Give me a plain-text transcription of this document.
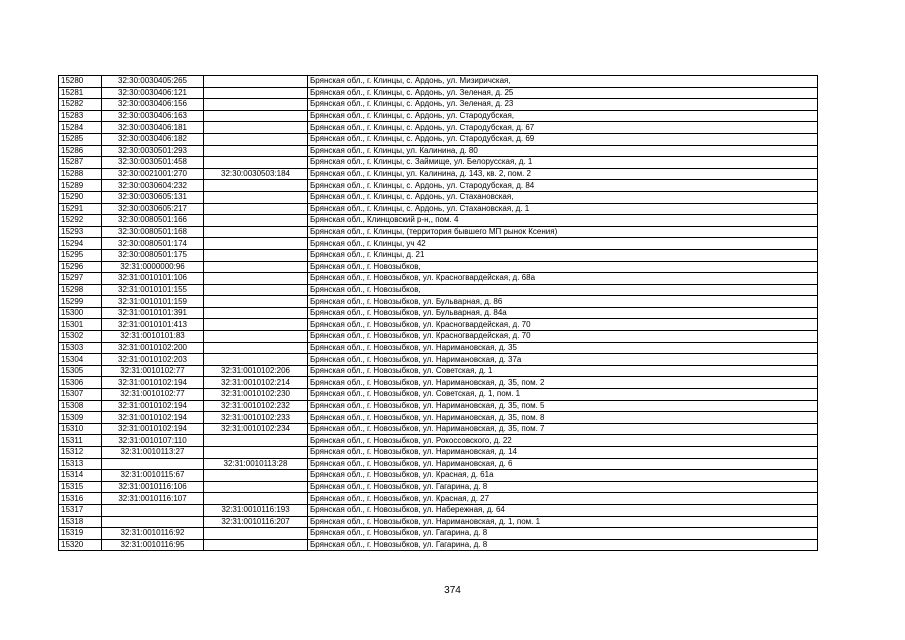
15280	32:30:0030405:265		Брянская обл., г. Клинцы, с. Ардонь, ул. Мизиричская,
15281	32:30:0030406:121		Брянская обл., г. Клинцы, с. Ардонь, ул. Зеленая, д. 25
15282	32:30:0030406:156		Брянская обл., г. Клинцы, с. Ардонь, ул. Зеленая, д. 23
15283	32:30:0030406:163		Брянская обл., г. Клинцы, с. Ардонь, ул. Стародубская,
15284	32:30:0030406:181		Брянская обл., г. Клинцы, с. Ардонь, ул. Стародубская, д. 67
15285	32:30:0030406:182		Брянская обл., г. Клинцы, с. Ардонь, ул. Стародубская, д. 69
15286	32:30:0030501:293		Брянская обл., г. Клинцы, ул. Калинина, д. 80
15287	32:30:0030501:458		Брянская обл., г. Клинцы, с. Займище, ул. Белорусская, д. 1
15288	32:30:0021001:270	32:30:0030503:184	Брянская обл., г. Клинцы, ул. Калинина, д. 143, кв. 2, пом. 2
15289	32:30:0030604:232		Брянская обл., г. Клинцы, с. Ардонь, ул. Стародубская, д. 84
15290	32:30:0030605:131		Брянская обл., г. Клинцы, с. Ардонь, ул. Стахановская,
15291	32:30:0030605:217		Брянская обл., г. Клинцы, с. Ардонь, ул. Стахановская, д. 1
15292	32:30:0080501:166		Брянская обл., Клинцовский р-н,, пом. 4
15293	32:30:0080501:168		Брянская обл., г. Клинцы, (территория бывшего МП рынок Ксения)
15294	32:30:0080501:174		Брянская обл., г. Клинцы, уч 42
15295	32:30:0080501:175		Брянская обл., г. Клинцы, д. 21
15296	32:31:0000000:96		Брянская обл., г. Новозыбков,
15297	32:31:0010101:106		Брянская обл., г. Новозыбков, ул. Красногвардейская, д. 68а
15298	32:31:0010101:155		Брянская обл., г. Новозыбков,
15299	32:31:0010101:159		Брянская обл., г. Новозыбков, ул. Бульварная, д. 86
15300	32:31:0010101:391		Брянская обл., г. Новозыбков, ул. Бульварная, д. 84а
15301	32:31:0010101:413		Брянская обл., г. Новозыбков, ул. Красногвардейская, д. 70
15302	32:31:0010101:83		Брянская обл., г. Новозыбков, ул. Красногвардейская, д. 70
15303	32:31:0010102:200		Брянская обл., г. Новозыбков, ул. Наримановская, д. 35
15304	32:31:0010102:203		Брянская обл., г. Новозыбков, ул. Наримановская, д. 37а
15305	32:31:0010102:77	32:31:0010102:206	Брянская обл., г. Новозыбков, ул. Советская, д. 1
15306	32:31:0010102:194	32:31:0010102:214	Брянская обл., г. Новозыбков, ул. Наримановская, д. 35, пом. 2
15307	32:31:0010102:77	32:31:0010102:230	Брянская обл., г. Новозыбков, ул. Советская, д. 1, пом. 1
15308	32:31:0010102:194	32:31:0010102:232	Брянская обл., г. Новозыбков, ул. Наримановская, д. 35, пом. 5
15309	32:31:0010102:194	32:31:0010102:233	Брянская обл., г. Новозыбков, ул. Наримановская, д. 35, пом. 8
15310	32:31:0010102:194	32:31:0010102:234	Брянская обл., г. Новозыбков, ул. Наримановская, д. 35, пом. 7
15311	32:31:0010107:110		Брянская обл., г. Новозыбков, ул. Рокоссовского, д. 22
15312	32:31:0010113:27		Брянская обл., г. Новозыбков, ул. Наримановская, д. 14
15313		32:31:0010113:28	Брянская обл., г. Новозыбков, ул. Наримановская, д. 6
15314	32:31:0010115:67		Брянская обл., г. Новозыбков, ул. Красная, д. 61а
15315	32:31:0010116:106		Брянская обл., г. Новозыбков, ул. Гагарина, д. 8
15316	32:31:0010116:107		Брянская обл., г. Новозыбков, ул. Красная, д. 27
15317		32:31:0010116:193	Брянская обл., г. Новозыбков, ул. Набережная, д. 64
15318		32:31:0010116:207	Брянская обл., г. Новозыбков, ул. Наримановская, д. 1, пом. 1
15319	32:31:0010116:92		Брянская обл., г. Новозыбков, ул. Гагарина, д. 8
15320	32:31:0010116:95		Брянская обл., г. Новозыбков, ул. Гагарина, д. 8
374
